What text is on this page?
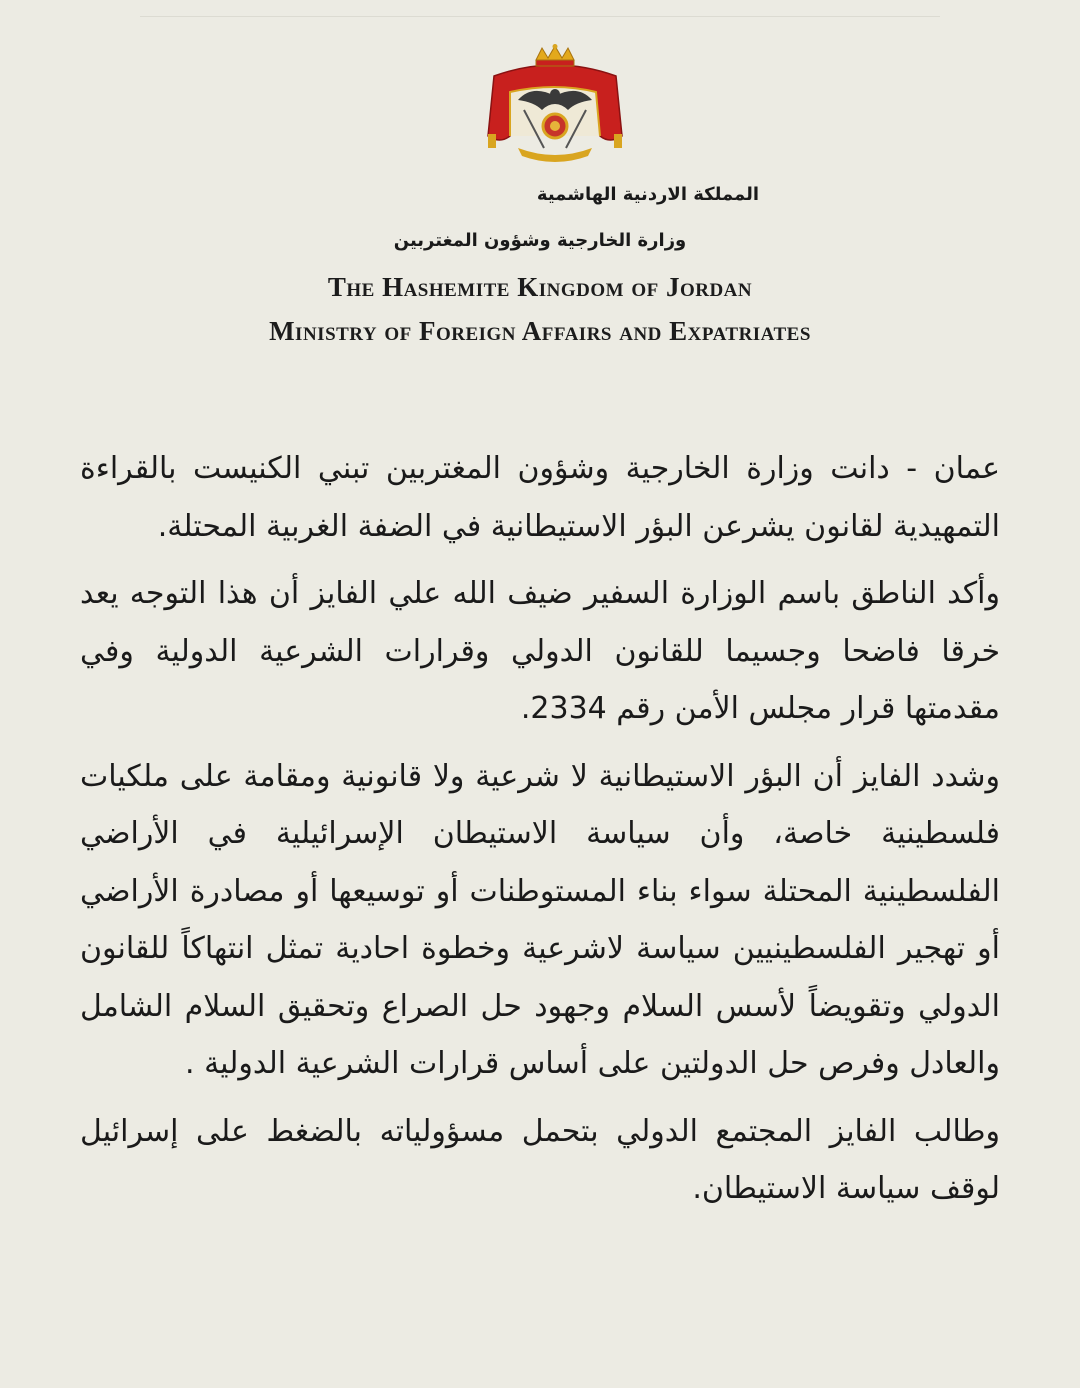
المملكة الاردنية الهاشمية
وزارة الخارجية وشؤون المغتربين
The Hashemite Kingdom of Jordan
Ministry of Foreign Affairs and Expatriates

عمان - دانت وزارة الخارجية وشؤون المغتربين تبني الكنيست بالقراءة التمهيدية لقانون يشرعن البؤر الاستيطانية في الضفة الغربية المحتلة.

وأكد الناطق باسم الوزارة السفير ضيف الله علي الفايز أن هذا التوجه يعد خرقا فاضحا وجسيما للقانون الدولي وقرارات الشرعية الدولية وفي مقدمتها قرار مجلس الأمن رقم 2334.

وشدد الفايز أن البؤر الاستيطانية لا شرعية ولا قانونية ومقامة على ملكيات فلسطينية خاصة، وأن سياسة الاستيطان الإسرائيلية في الأراضي الفلسطينية المحتلة سواء بناء المستوطنات أو توسيعها أو مصادرة الأراضي أو تهجير الفلسطينيين سياسة لاشرعية وخطوة احادية تمثل انتهاكاً للقانون الدولي وتقويضاً لأسس السلام وجهود حل الصراع وتحقيق السلام الشامل والعادل وفرص حل الدولتين على أساس قرارات الشرعية الدولية .

وطالب الفايز المجتمع الدولي بتحمل مسؤولياته بالضغط على إسرائيل لوقف سياسة الاستيطان.
